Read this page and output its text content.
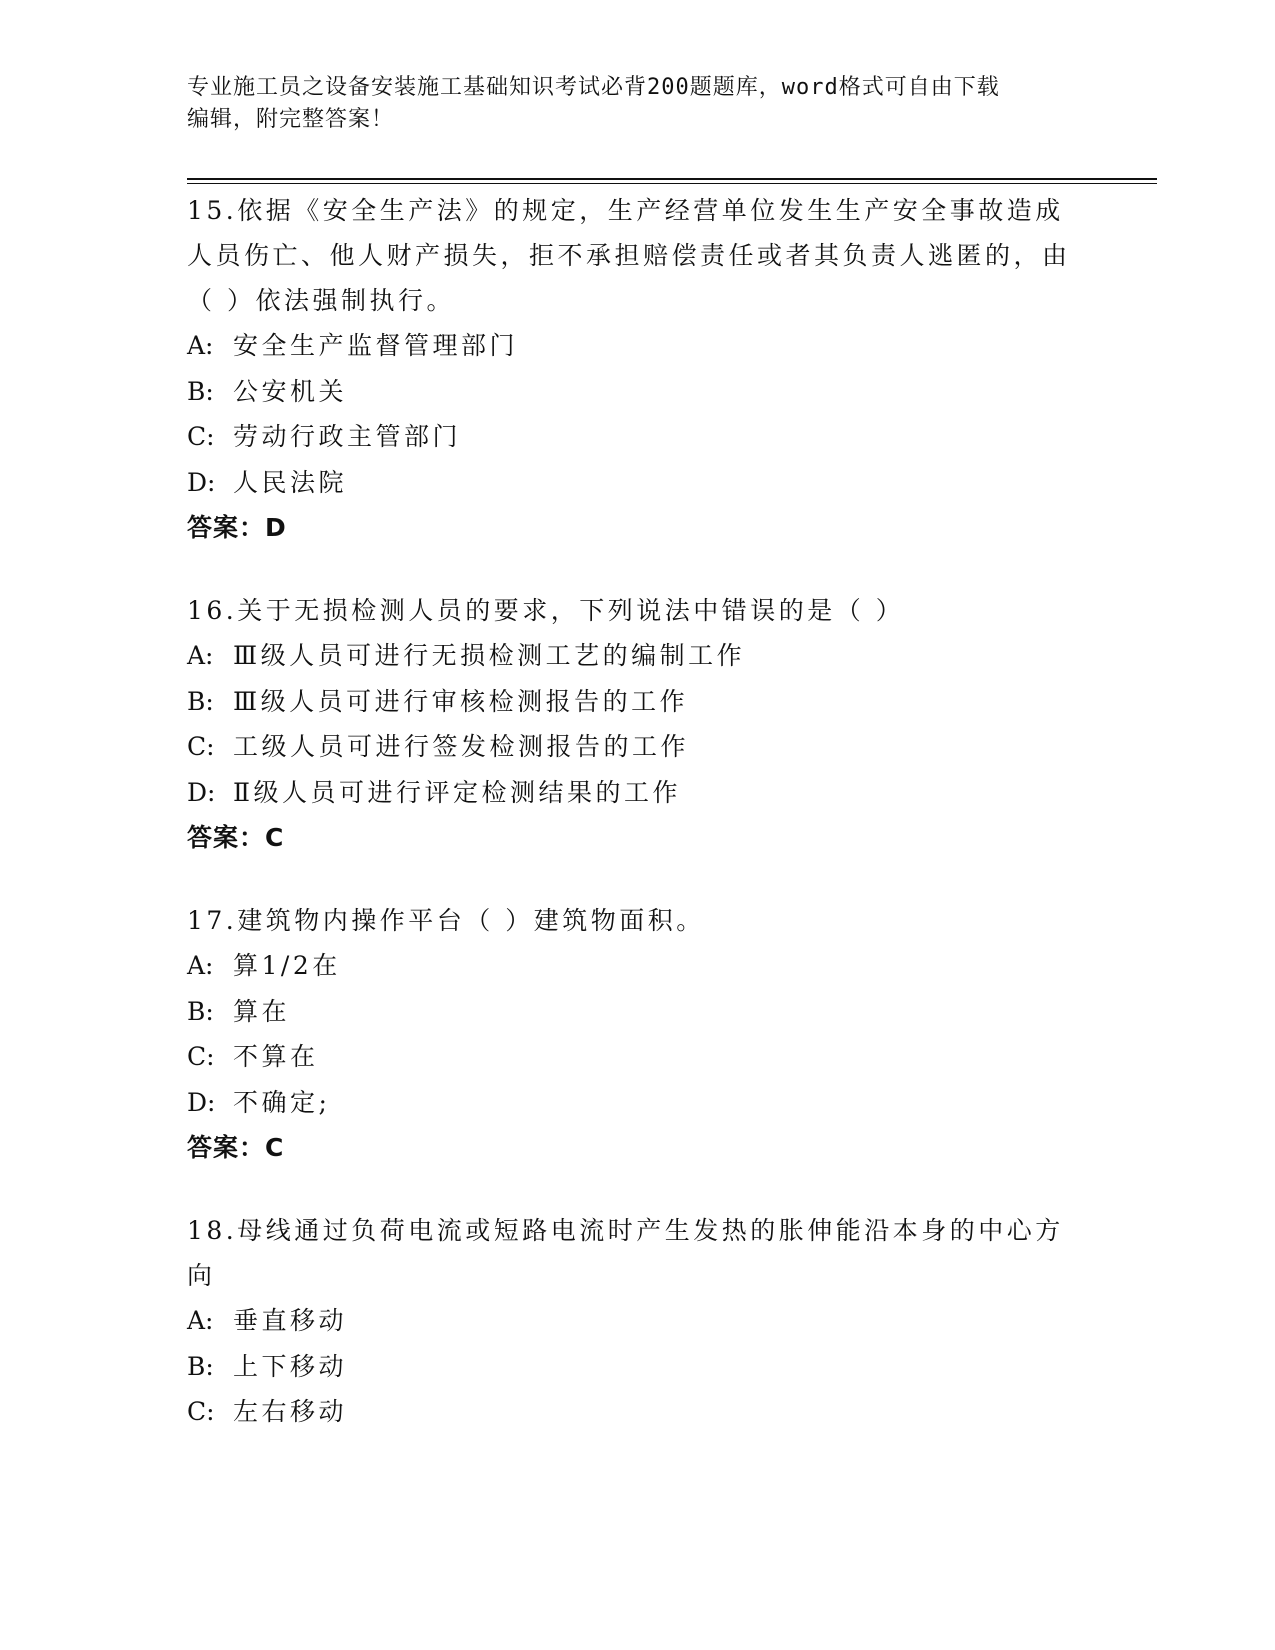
专业施工员之设备安装施工基础知识考试必背200题题库，word格式可自由下载
编辑，附完整答案！
15.依据《安全生产法》的规定，生产经营单位发生生产安全事故造成人员伤亡、他人财产损失，拒不承担赔偿责任或者其负责人逃匿的，由（ ）依法强制执行。
A: 安全生产监督管理部门
B: 公安机关
C: 劳动行政主管部门
D: 人民法院
答案：D
16.关于无损检测人员的要求，下列说法中错误的是（ ）
A: Ⅲ级人员可进行无损检测工艺的编制工作
B: Ⅲ级人员可进行审核检测报告的工作
C: 工级人员可进行签发检测报告的工作
D: Ⅱ级人员可进行评定检测结果的工作
答案：C
17.建筑物内操作平台（ ）建筑物面积。
A: 算1/2在
B: 算在
C: 不算在
D: 不确定;
答案：C
18.母线通过负荷电流或短路电流时产生发热的胀伸能沿本身的中心方向
A: 垂直移动
B: 上下移动
C: 左右移动
